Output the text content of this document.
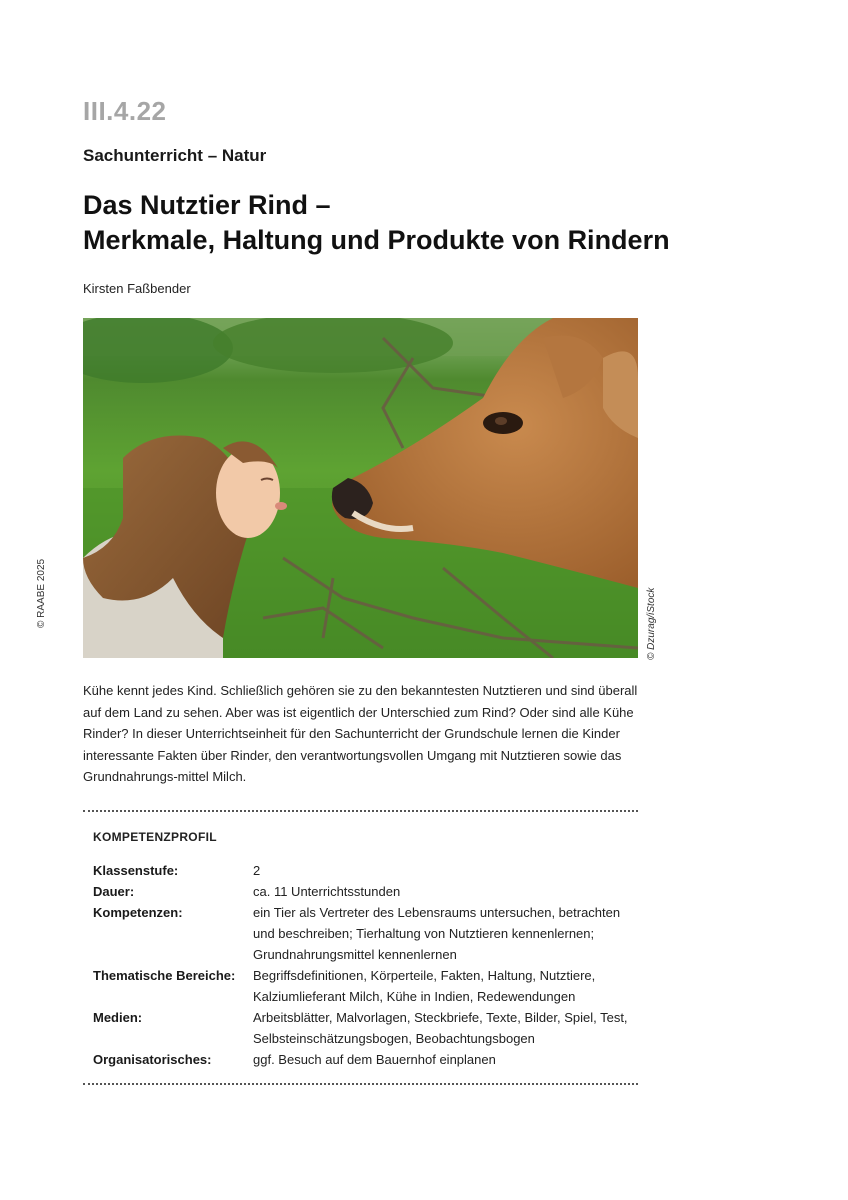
III.4.22
Sachunterricht – Natur
Das Nutztier Rind –
Merkmale, Haltung und Produkte von Rindern
Kirsten Faßbender
© Dzurag/iStock
© RAABE 2025

Kühe kennt jedes Kind. Schließlich gehören sie zu den bekanntesten Nutztieren und sind überall auf dem Land zu sehen. Aber was ist eigentlich der Unterschied zum Rind? Oder sind alle Kühe Rinder? In dieser Unterrichtseinheit für den Sachunterricht der Grundschule lernen die Kinder interessante Fakten über Rinder, den verantwortungsvollen Umgang mit Nutztieren sowie das Grundnahrungs-mittel Milch.

KOMPETENZPROFIL
Klassenstufe:	2
Dauer:	ca. 11 Unterrichtsstunden
Kompetenzen:	ein Tier als Vertreter des Lebensraums untersuchen, betrachten und beschreiben; Tierhaltung von Nutztieren kennenlernen; Grundnahrungsmittel kennenlernen
Thematische Bereiche:	Begriffsdefinitionen, Körperteile, Fakten, Haltung, Nutztiere, Kalziumlieferant Milch, Kühe in Indien, Redewendungen
Medien:	Arbeitsblätter, Malvorlagen, Steckbriefe, Texte, Bilder, Spiel, Test, Selbsteinschätzungsbogen, Beobachtungsbogen
Organisatorisches:	ggf. Besuch auf dem Bauernhof einplanen
